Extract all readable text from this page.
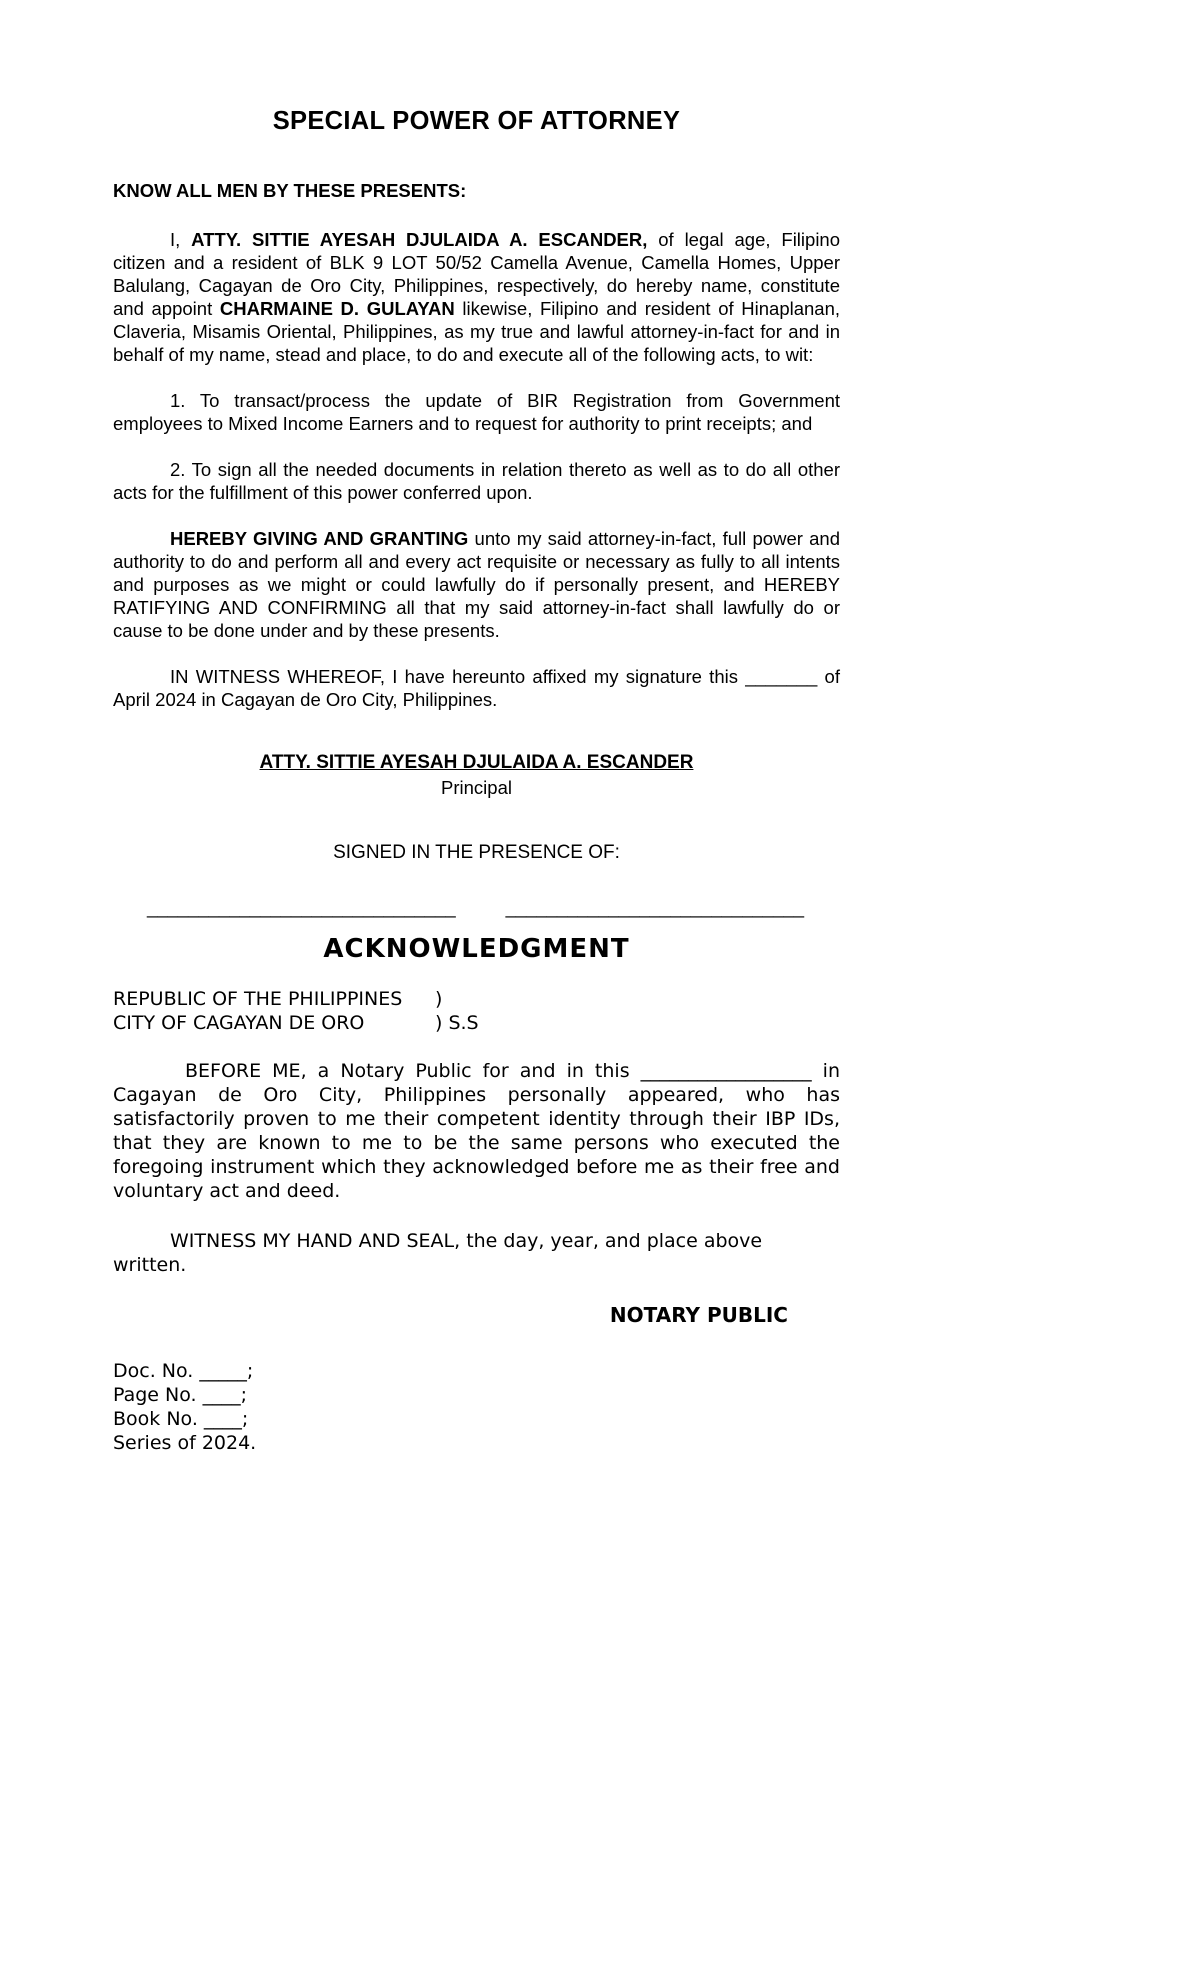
SPECIAL POWER OF ATTORNEY

KNOW ALL MEN BY THESE PRESENTS:

I, ATTY. SITTIE AYESAH DJULAIDA A. ESCANDER, of legal age, Filipino citizen and a resident of BLK 9 LOT 50/52 Camella Avenue, Camella Homes, Upper Balulang, Cagayan de Oro City, Philippines, respectively, do hereby name, constitute and appoint CHARMAINE D. GULAYAN likewise, Filipino and resident of Hinaplanan, Claveria, Misamis Oriental, Philippines, as my true and lawful attorney-in-fact for and in behalf of my name, stead and place, to do and execute all of the following acts, to wit:

1. To transact/process the update of BIR Registration from Government employees to Mixed Income Earners and to request for authority to print receipts; and

2. To sign all the needed documents in relation thereto as well as to do all other acts for the fulfillment of this power conferred upon.

HEREBY GIVING AND GRANTING unto my said attorney-in-fact, full power and authority to do and perform all and every act requisite or necessary as fully to all intents and purposes as we might or could lawfully do if personally present, and HEREBY RATIFYING AND CONFIRMING all that my said attorney-in-fact shall lawfully do or cause to be done under and by these presents.

IN WITNESS WHEREOF, I have hereunto affixed my signature this _______ of April 2024 in Cagayan de Oro City, Philippines.

ATTY. SITTIE AYESAH DJULAIDA A. ESCANDER
Principal
SIGNED IN THE PRESENCE OF:
______________________________	_____________________________
ACKNOWLEDGMENT
REPUBLIC OF THE PHILIPPINES )
CITY OF CAGAYAN DE ORO	) S.S

BEFORE ME, a Notary Public for and in this __________________ in Cagayan de Oro City, Philippines personally appeared, who has satisfactorily proven to me their competent identity through their IBP IDs, that they are known to me to be the same persons who executed the foregoing instrument which they acknowledged before me as their free and voluntary act and deed.

WITNESS MY HAND AND SEAL, the day, year, and place above written.

NOTARY PUBLIC
Doc. No. _____;
Page No. ____;
Book No. ____;
Series of 2024.
